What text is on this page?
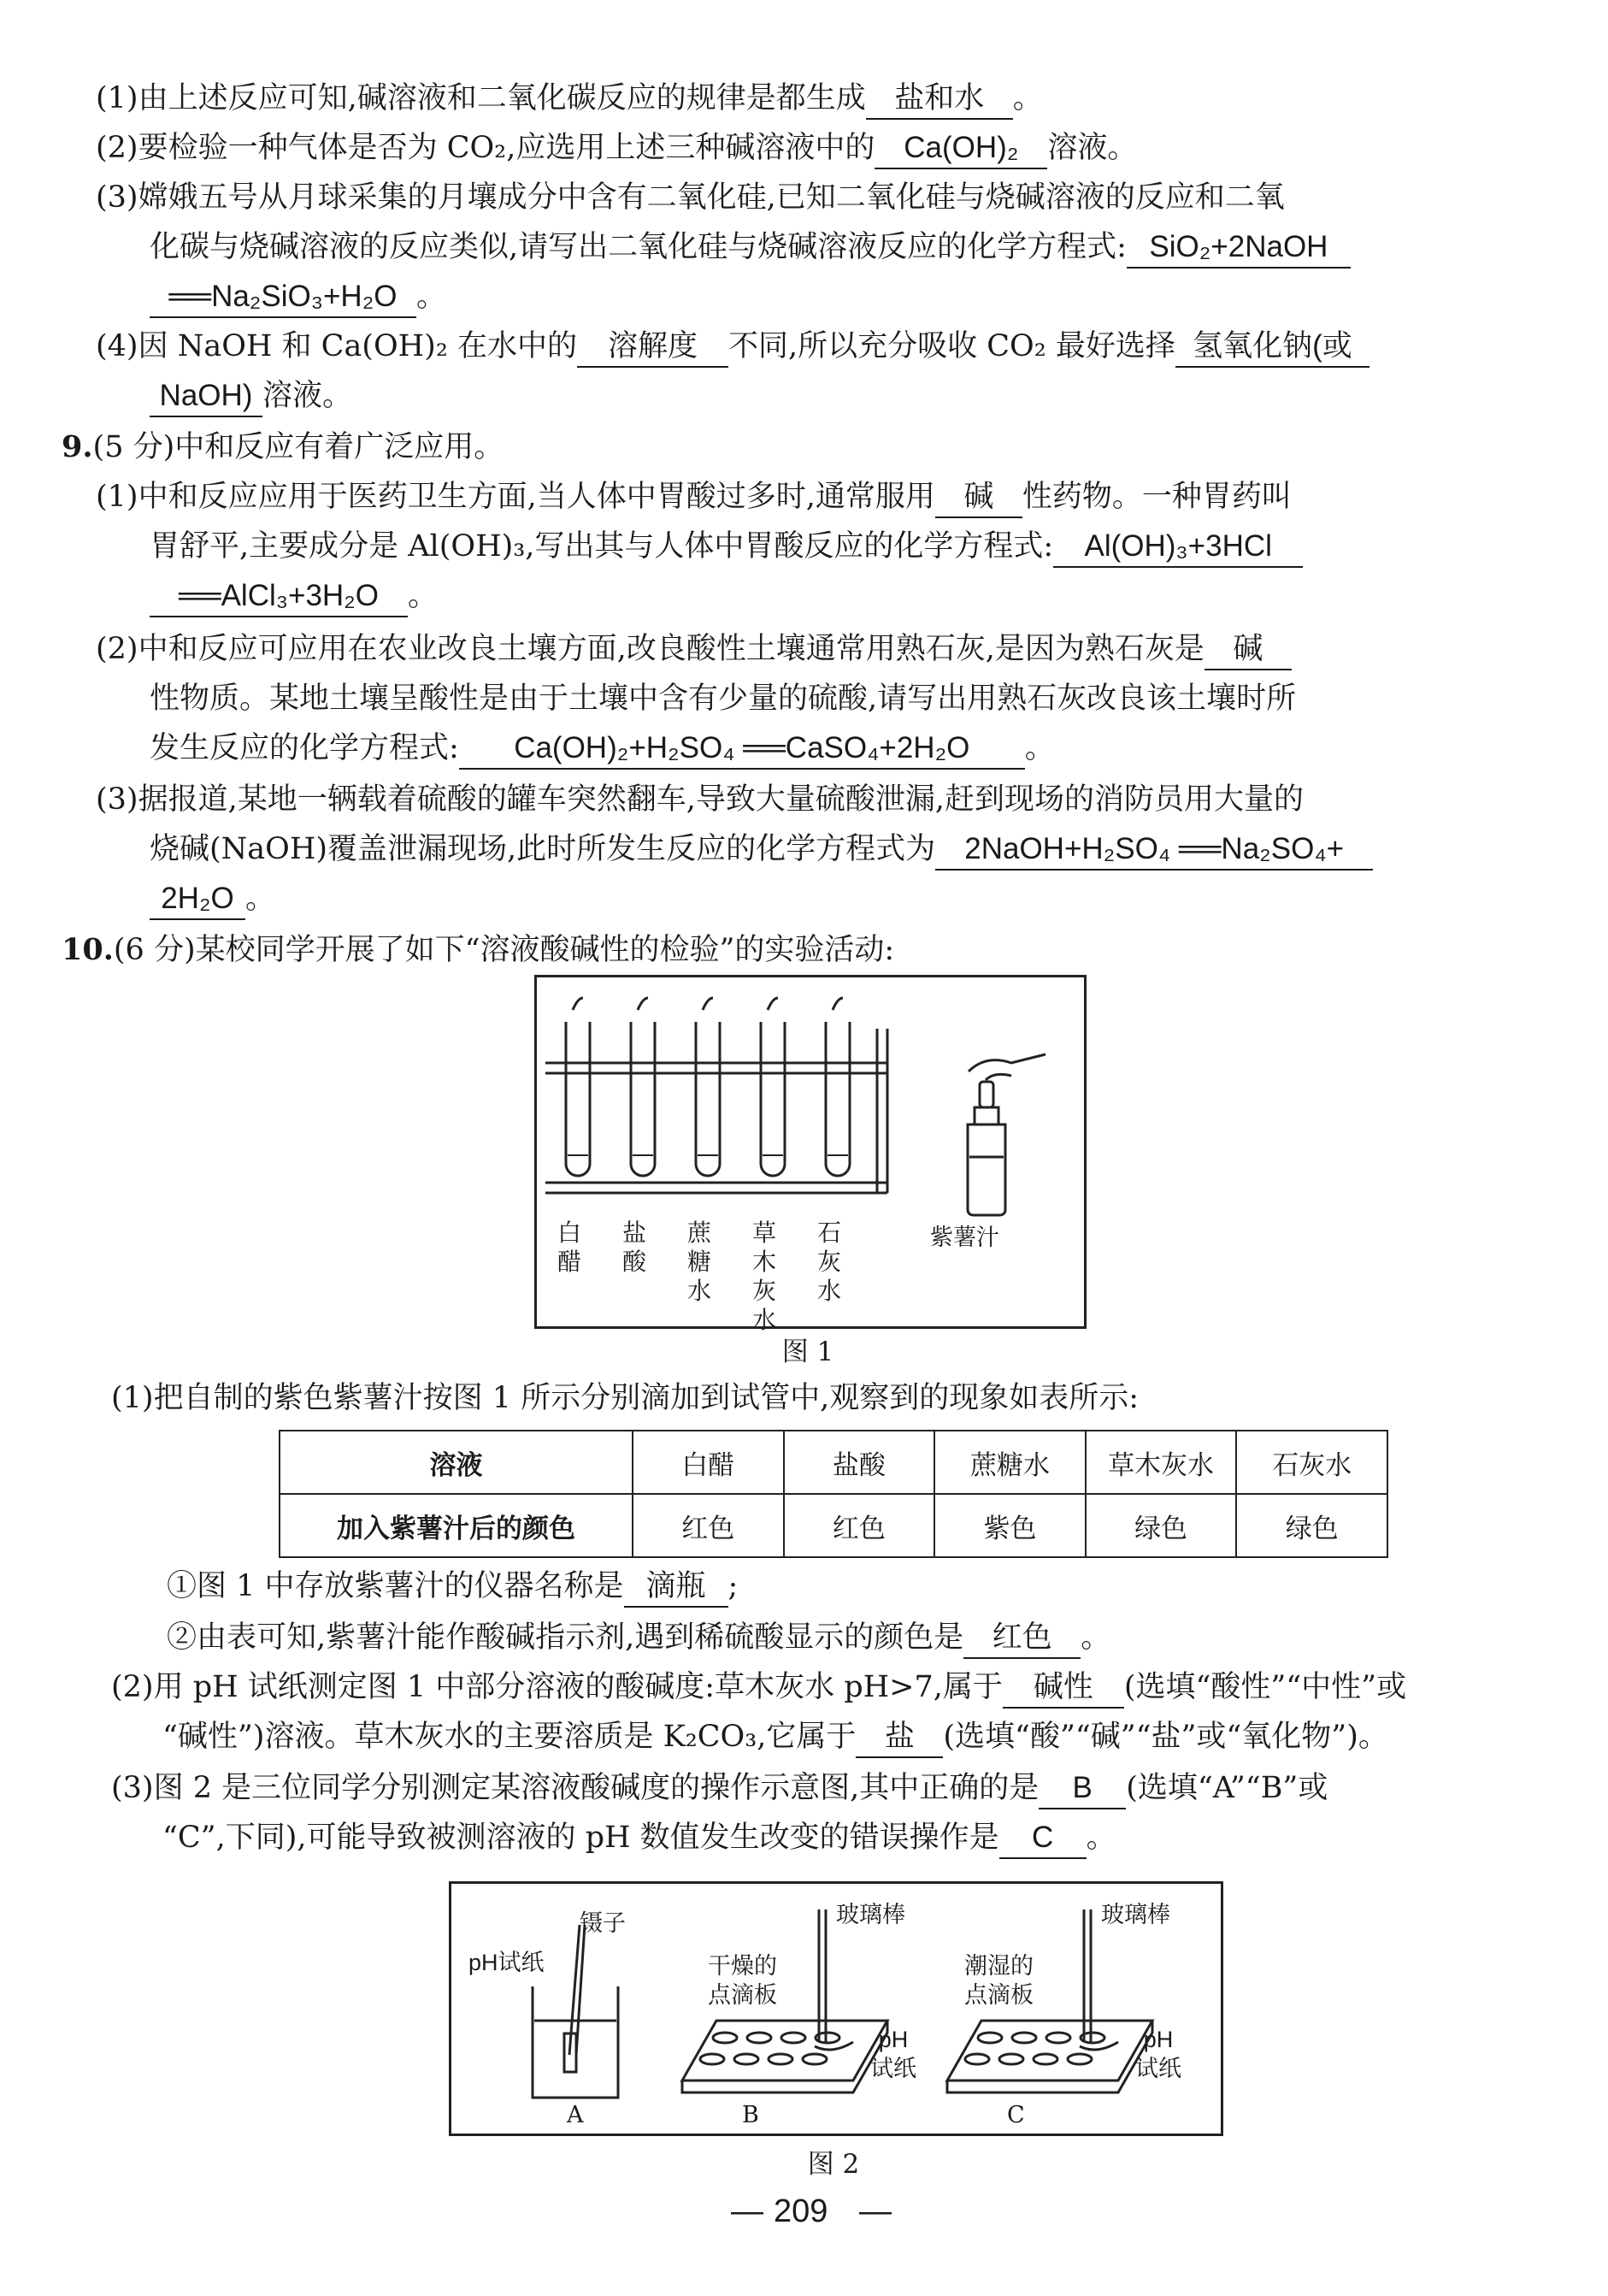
(1)由上述反应可知,碱溶液和二氧化碳反应的规律是都生成 盐和水 。
(2)要检验一种气体是否为 CO₂,应选用上述三种碱溶液中的 Ca(OH)₂ 溶液。
(3)嫦娥五号从月球采集的月壤成分中含有二氧化硅,已知二氧化硅与烧碱溶液的反应和二氧
化碳与烧碱溶液的反应类似,请写出二氧化硅与烧碱溶液反应的化学方程式: SiO₂+2NaOH
══Na₂SiO₃+H₂O 。
(4)因 NaOH 和 Ca(OH)₂ 在水中的 溶解度 不同,所以充分吸收 CO₂ 最好选择 氢氧化钠(或
NaOH) 溶液。
9.(5 分)中和反应有着广泛应用。
(1)中和反应应用于医药卫生方面,当人体中胃酸过多时,通常服用 碱 性药物。一种胃药叫
胃舒平,主要成分是 Al(OH)₃,写出其与人体中胃酸反应的化学方程式: Al(OH)₃+3HCl
══AlCl₃+3H₂O 。
(2)中和反应可应用在农业改良土壤方面,改良酸性土壤通常用熟石灰,是因为熟石灰是 碱
性物质。某地土壤呈酸性是由于土壤中含有少量的硫酸,请写出用熟石灰改良该土壤时所
发生反应的化学方程式: Ca(OH)₂+H₂SO₄ ══CaSO₄+2H₂O 。
(3)据报道,某地一辆载着硫酸的罐车突然翻车,导致大量硫酸泄漏,赶到现场的消防员用大量的
烧碱(NaOH)覆盖泄漏现场,此时所发生反应的化学方程式为 2NaOH+H₂SO₄ ══Na₂SO₄+
2H₂O 。
10.(6 分)某校同学开展了如下“溶液酸碱性的检验”的实验活动:
白醋
盐酸
蔗糖水
草木灰水
石灰水
紫薯汁
图 1
(1)把自制的紫色紫薯汁按图 1 所示分别滴加到试管中,观察到的现象如表所示:
溶液	白醋	盐酸	蔗糖水	草木灰水	石灰水
加入紫薯汁后的颜色	红色	红色	紫色	绿色	绿色
①图 1 中存放紫薯汁的仪器名称是 滴瓶 ;
②由表可知,紫薯汁能作酸碱指示剂,遇到稀硫酸显示的颜色是 红色 。
(2)用 pH 试纸测定图 1 中部分溶液的酸碱度:草木灰水 pH>7,属于 碱性 (选填“酸性”“中性”或
“碱性”)溶液。草木灰水的主要溶质是 K₂CO₃,它属于 盐 (选填“酸”“碱”“盐”或“氧化物”)。
(3)图 2 是三位同学分别测定某溶液酸碱度的操作示意图,其中正确的是 B (选填“A”“B”或
“C”,下同),可能导致被测溶液的 pH 数值发生改变的错误操作是 C 。
pH试纸
镊子
干燥的
点滴板
玻璃棒
pH
试纸
潮湿的
点滴板
玻璃棒
pH
试纸
A	B	C
图 2
— 209 —
